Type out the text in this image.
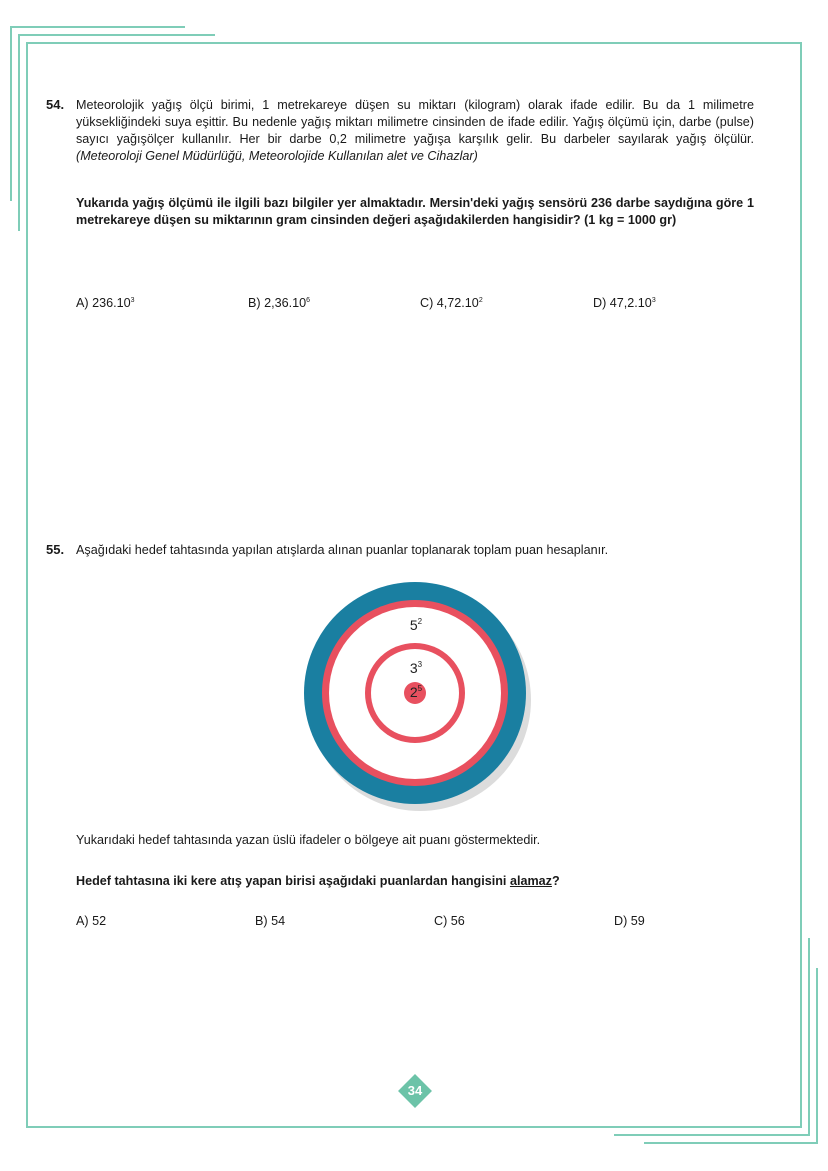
54. Meteorolojik yağış ölçü birimi, 1 metrekareye düşen su miktarı (kilogram) olarak ifade edilir. Bu da 1 milimetre yüksekliğindeki suya eşittir. Bu nedenle yağış miktarı milimetre cinsinden de ifade edilir. Yağış ölçümü için, darbe (pulse) sayıcı yağışölçer kullanılır. Her bir darbe 0,2 milimetre yağışa karşılık gelir. Bu darbeler sayılarak yağış ölçülür. (Meteoroloji Genel Müdürlüğü, Meteorolojide Kullanılan alet ve Cihazlar)
Yukarıda yağış ölçümü ile ilgili bazı bilgiler yer almaktadır. Mersin'deki yağış sensörü 236 darbe saydığına göre 1 metrekareye düşen su miktarının gram cinsinden değeri aşağıdakilerden hangisidir? (1 kg = 1000 gr)
A) 236.10$^3$	B) 2,36.10$^6$	C) 4,72.10$^2$	D) 47,2.10$^3$
55. Aşağıdaki hedef tahtasında yapılan atışlarda alınan puanlar toplanarak toplam puan hesaplanır.
$5^2$
$3^3$
$2^5$
Yukarıdaki hedef tahtasında yazan üslü ifadeler o bölgeye ait puanı göstermektedir.
Hedef tahtasına iki kere atış yapan birisi aşağıdaki puanlardan hangisini alamaz?
A) 52	B) 54	C) 56	D) 59
34
